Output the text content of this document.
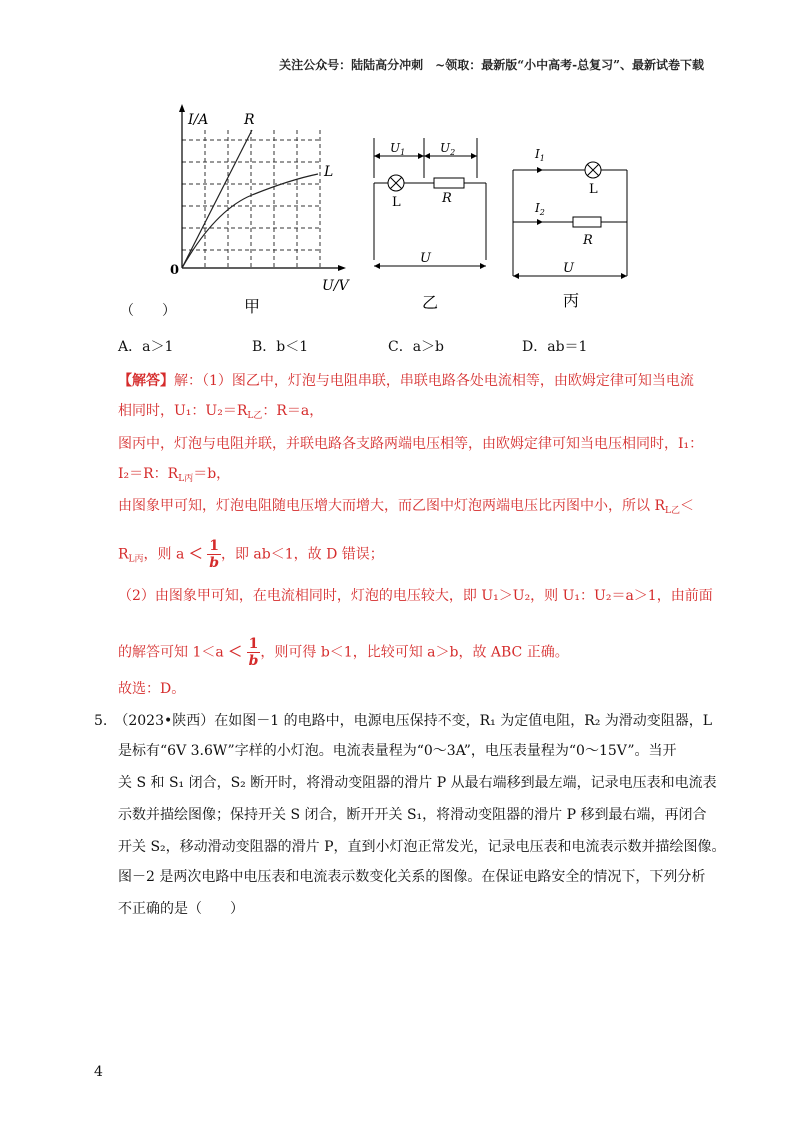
关注公众号：陆陆高分冲刺　~领取：最新版“小中高考-总复习”、最新试卷下载
I/A	R
L
0
U/V
甲
$U_1$	$U_2$
L	R
U
乙
$I_1$
$I_2$
L
R
U
丙
（　　）
A．a＞1	B．b＜1	C．a＞b	D．ab＝1
【解答】解：（1）图乙中，灯泡与电阻串联，串联电路各处电流相等，由欧姆定律可知当电流
相同时，U₁：$U_2=R_{L乙}$：R＝a，
图丙中，灯泡与电阻并联，并联电路各支路两端电压相等，由欧姆定律可知当电压相同时，I₁：
I₂＝R：$R_{L丙}=b$，
由图象甲可知，灯泡电阻随电压增大而增大，而乙图中灯泡两端电压比丙图中小，所以 $R_{L乙}<$
$R_{L丙}$，则 $a < \frac{1}{b}$ ，即 ab＜1，故 D 错误；
（2）由图象甲可知，在电流相同时，灯泡的电压较大，即 U₁＞U₂，则 U₁：U₂＝a＞1，由前面
的解答可知 $1<a < \frac{1}{b}$ ，则可得 b＜1，比较可知 a＞b，故 ABC 正确。
故选：D。
5.　（2023•陕西）在如图－1 的电路中，电源电压保持不变，R₁ 为定值电阻，R₂ 为滑动变阻器，L
是标有“6V 3.6W”字样的小灯泡。电流表量程为“0～3A”，电压表量程为“0～15V”。当开
关 S 和 S₁ 闭合，S₂ 断开时，将滑动变阻器的滑片 P 从最右端移到最左端，记录电压表和电流表
示数并描绘图像；保持开关 S 闭合，断开开关 S₁，将滑动变阻器的滑片 P 移到最右端，再闭合
开关 S₂，移动滑动变阻器的滑片 P，直到小灯泡正常发光，记录电压表和电流表示数并描绘图像。
图－2 是两次电路中电压表和电流表示数变化关系的图像。在保证电路安全的情况下，下列分析
不正确的是（　　）
4
